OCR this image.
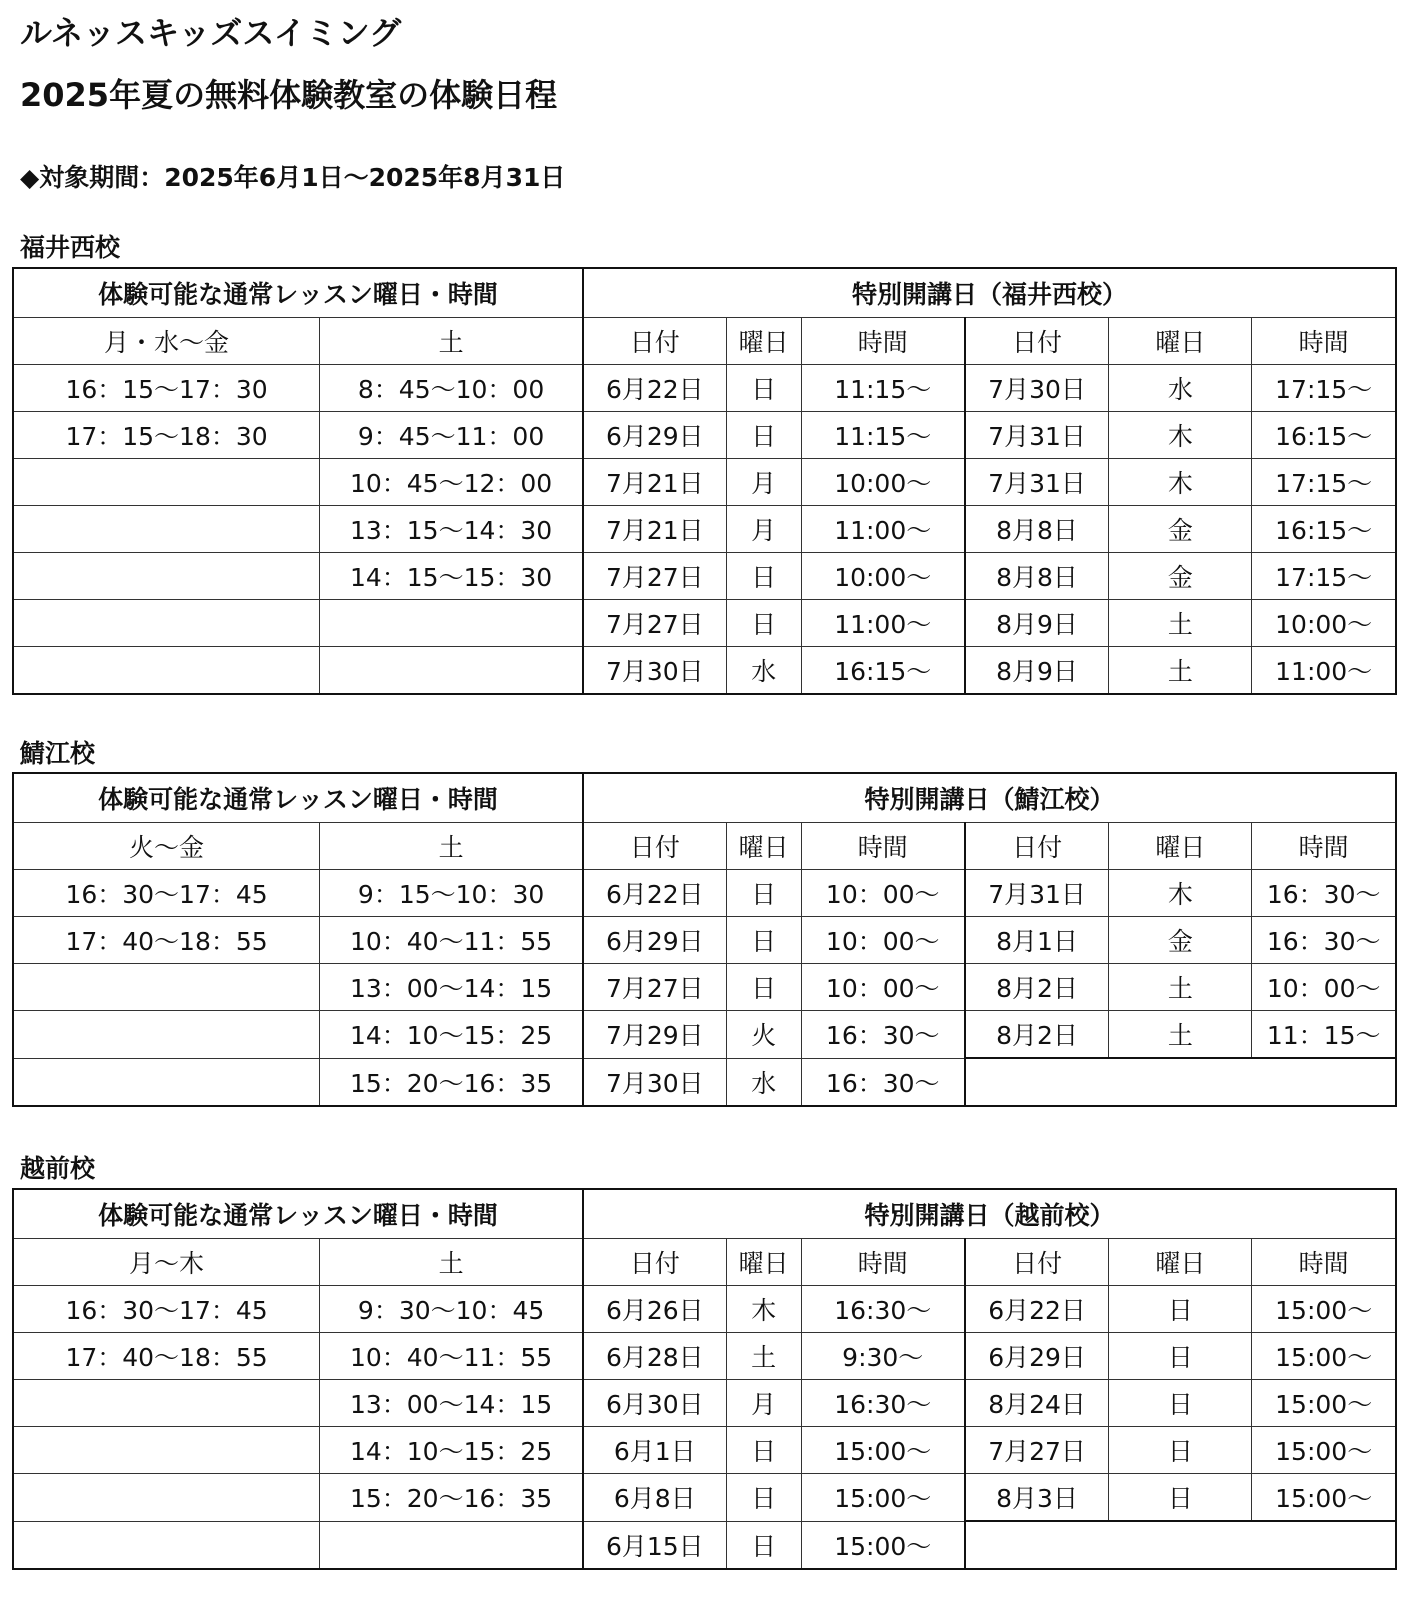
ルネッスキッズスイミング
2025年夏の無料体験教室の体験日程
◆対象期間：2025年6月1日～2025年8月31日
福井西校
体験可能な通常レッスン曜日・時間		特別開講日（福井西校）					
月・水～金	土	日付	曜日	時間	日付	曜日	時間
16：15～17：30	8：45～10：00	6月22日	日	11:15～	7月30日	水	17:15～
17：15～18：30	9：45～11：00	6月29日	日	11:15～	7月31日	木	16:15～
	10：45～12：00	7月21日	月	10:00～	7月31日	木	17:15～
	13：15～14：30	7月21日	月	11:00～	8月8日	金	16:15～
	14：15～15：30	7月27日	日	10:00～	8月8日	金	17:15～
		7月27日	日	11:00～	8月9日	土	10:00～
		7月30日	水	16:15～	8月9日	土	11:00～
鯖江校
体験可能な通常レッスン曜日・時間		特別開講日（鯖江校）					
火～金	土	日付	曜日	時間	日付	曜日	時間
16：30～17：45	9：15～10：30	6月22日	日	10：00～	7月31日	木	16：30～
17：40～18：55	10：40～11：55	6月29日	日	10：00～	8月1日	金	16：30～
	13：00～14：15	7月27日	日	10：00～	8月2日	土	10：00～
	14：10～15：25	7月29日	火	16：30～	8月2日	土	11：15～
	15：20～16：35	7月30日	水	16：30～			
越前校
体験可能な通常レッスン曜日・時間		特別開講日（越前校）					
月～木	土	日付	曜日	時間	日付	曜日	時間
16：30～17：45	9：30～10：45	6月26日	木	16:30～	6月22日	日	15:00～
17：40～18：55	10：40～11：55	6月28日	土	9:30～	6月29日	日	15:00～
	13：00～14：15	6月30日	月	16:30～	8月24日	日	15:00～
	14：10～15：25	6月1日	日	15:00～	7月27日	日	15:00～
	15：20～16：35	6月8日	日	15:00～	8月3日	日	15:00～
		6月15日	日	15:00～			
